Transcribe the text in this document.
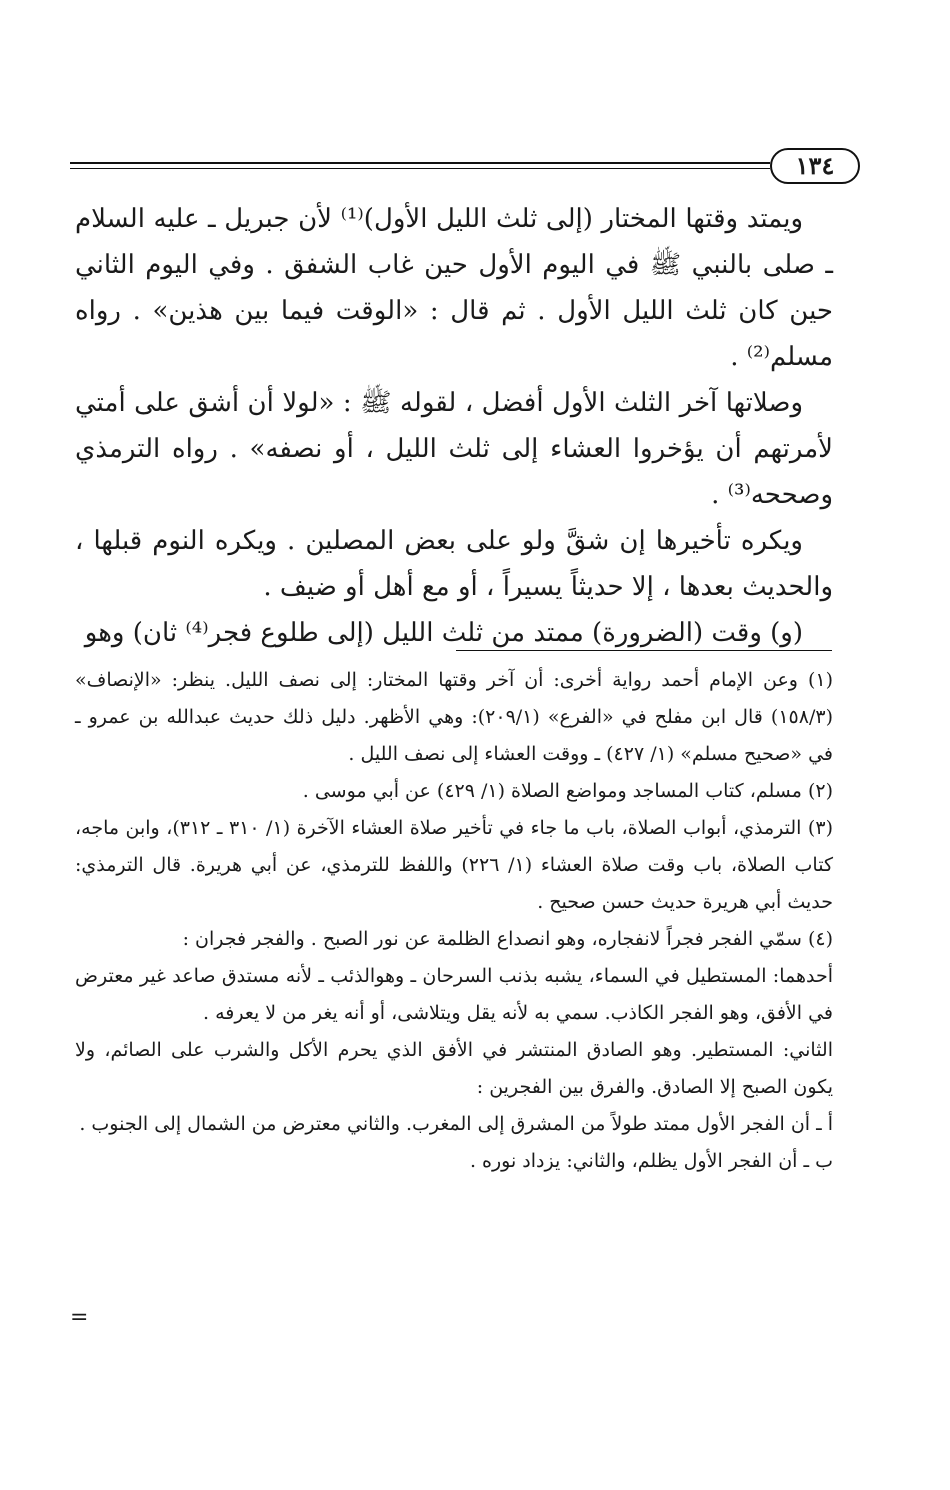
١٣٤

ويمتد وقتها المختار (إلى ثلث الليل الأول)⁽¹⁾ لأن جبريل ـ عليه السلام ـ صلى بالنبي ﷺ في اليوم الأول حين غاب الشفق . وفي اليوم الثاني حين كان ثلث الليل الأول . ثم قال : «الوقت فيما بين هذين» . رواه مسلم⁽²⁾ .

وصلاتها آخر الثلث الأول أفضل ، لقوله ﷺ : «لولا أن أشق على أمتي لأمرتهم أن يؤخروا العشاء إلى ثلث الليل ، أو نصفه» . رواه الترمذي وصححه⁽³⁾ .

ويكره تأخيرها إن شقَّ ولو على بعض المصلين . ويكره النوم قبلها ، والحديث بعدها ، إلا حديثاً يسيراً ، أو مع أهل أو ضيف .

(و) وقت (الضرورة) ممتد من ثلث الليل (إلى طلوع فجر⁽⁴⁾ ثان) وهو

(١) وعن الإمام أحمد رواية أخرى: أن آخر وقتها المختار: إلى نصف الليل. ينظر: «الإنصاف» (١٥٨/٣) قال ابن مفلح في «الفرع» (٢٠٩/١): وهي الأظهر. دليل ذلك حديث عبدالله بن عمرو ـ في «صحيح مسلم» (١/ ٤٢٧) ـ ووقت العشاء إلى نصف الليل .

(٢) مسلم، كتاب المساجد ومواضع الصلاة (١/ ٤٢٩) عن أبي موسى .

(٣) الترمذي، أبواب الصلاة، باب ما جاء في تأخير صلاة العشاء الآخرة (١/ ٣١٠ ـ ٣١٢)، وابن ماجه، كتاب الصلاة، باب وقت صلاة العشاء (١/ ٢٢٦) واللفظ للترمذي، عن أبي هريرة. قال الترمذي: حديث أبي هريرة حديث حسن صحيح .

(٤) سمّي الفجر فجراً لانفجاره، وهو انصداع الظلمة عن نور الصبح . والفجر فجران :

أحدهما: المستطيل في السماء، يشبه بذنب السرحان ـ وهوالذئب ـ لأنه مستدق صاعد غير معترض في الأفق، وهو الفجر الكاذب. سمي به لأنه يقل ويتلاشى، أو أنه يغر من لا يعرفه .

الثاني: المستطير. وهو الصادق المنتشر في الأفق الذي يحرم الأكل والشرب على الصائم، ولا يكون الصبح إلا الصادق. والفرق بين الفجرين :

أ ـ أن الفجر الأول ممتد طولاً من المشرق إلى المغرب. والثاني معترض من الشمال إلى الجنوب .

ب ـ أن الفجر الأول يظلم، والثاني: يزداد نوره .

=
